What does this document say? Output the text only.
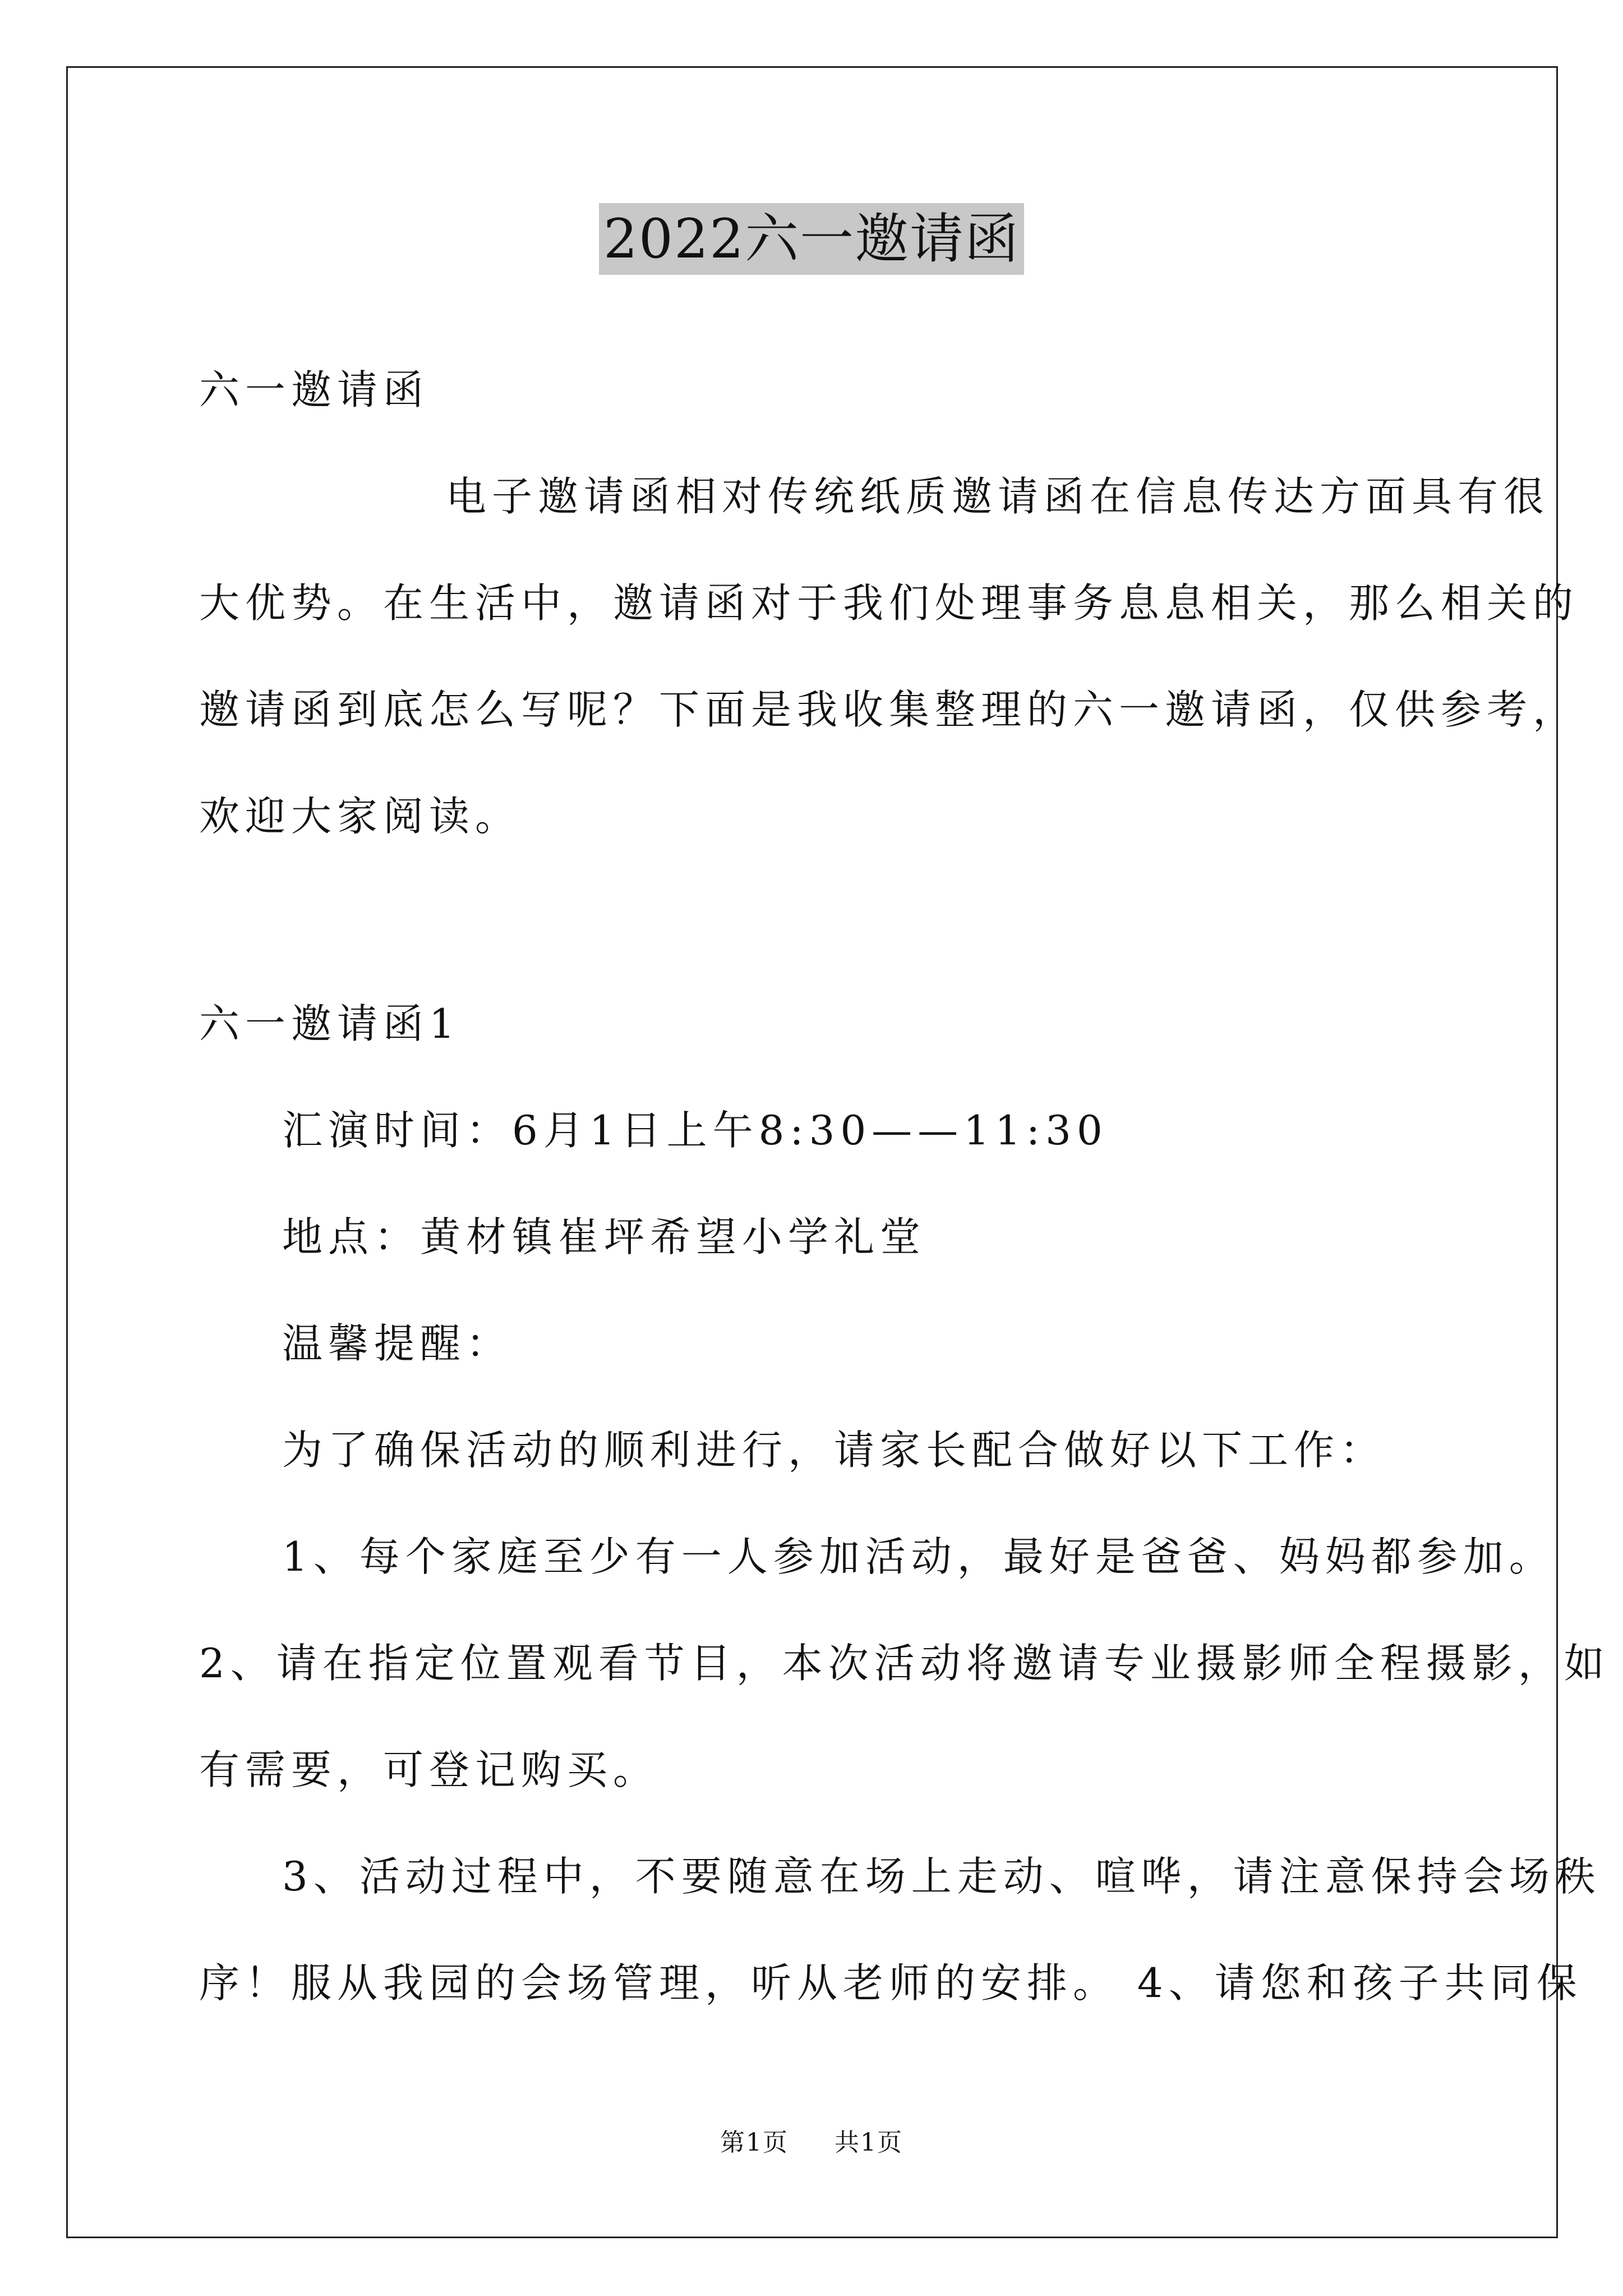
2022六一邀请函
六一邀请函
电子邀请函相对传统纸质邀请函在信息传达方面具有很
大优势。在生活中，邀请函对于我们处理事务息息相关，那么相关的
邀请函到底怎么写呢？下面是我收集整理的六一邀请函，仅供参考，
欢迎大家阅读。
六一邀请函1
汇演时间：6月1日上午8:30——11:30
地点：黄材镇崔坪希望小学礼堂
温馨提醒：
为了确保活动的顺利进行，请家长配合做好以下工作：
1、每个家庭至少有一人参加活动，最好是爸爸、妈妈都参加。
2、请在指定位置观看节目，本次活动将邀请专业摄影师全程摄影，如
有需要，可登记购买。
3、活动过程中，不要随意在场上走动、喧哗，请注意保持会场秩
序！服从我园的会场管理，听从老师的安排。 4、请您和孩子共同保
第1页 共1页
